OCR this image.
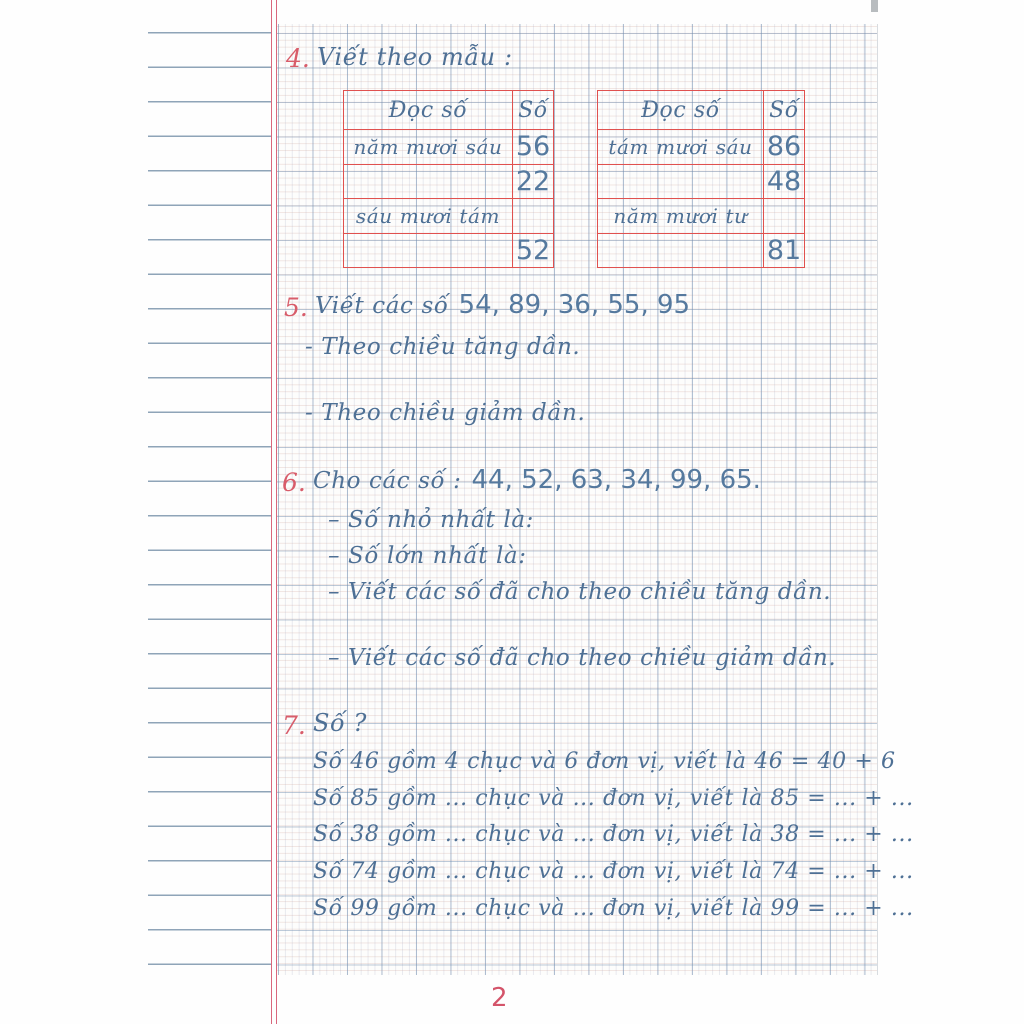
4. Viết theo mẫu :
Đọc số Số
năm mươi sáu 56
22
sáu mươi tám
52
Đọc số Số
tám mươi sáu 86
48
năm mươi tư
81
5. Viết các số 54, 89, 36, 55, 95
- Theo chiều tăng dần.
- Theo chiều giảm dần.
6. Cho các số : 44, 52, 63, 34, 99, 65.
– Số nhỏ nhất là:
– Số lớn nhất là:
– Viết các số đã cho theo chiều tăng dần.
– Viết các số đã cho theo chiều giảm dần.
7. Số ?
Số 46 gồm 4 chục và 6 đơn vị, viết là 46 = 40 + 6
Số 85 gồm ... chục và ... đơn vị, viết là 85 = ... + ...
Số 38 gồm ... chục và ... đơn vị, viết là 38 = ... + ...
Số 74 gồm ... chục và ... đơn vị, viết là 74 = ... + ...
Số 99 gồm ... chục và ... đơn vị, viết là 99 = ... + ...
2
